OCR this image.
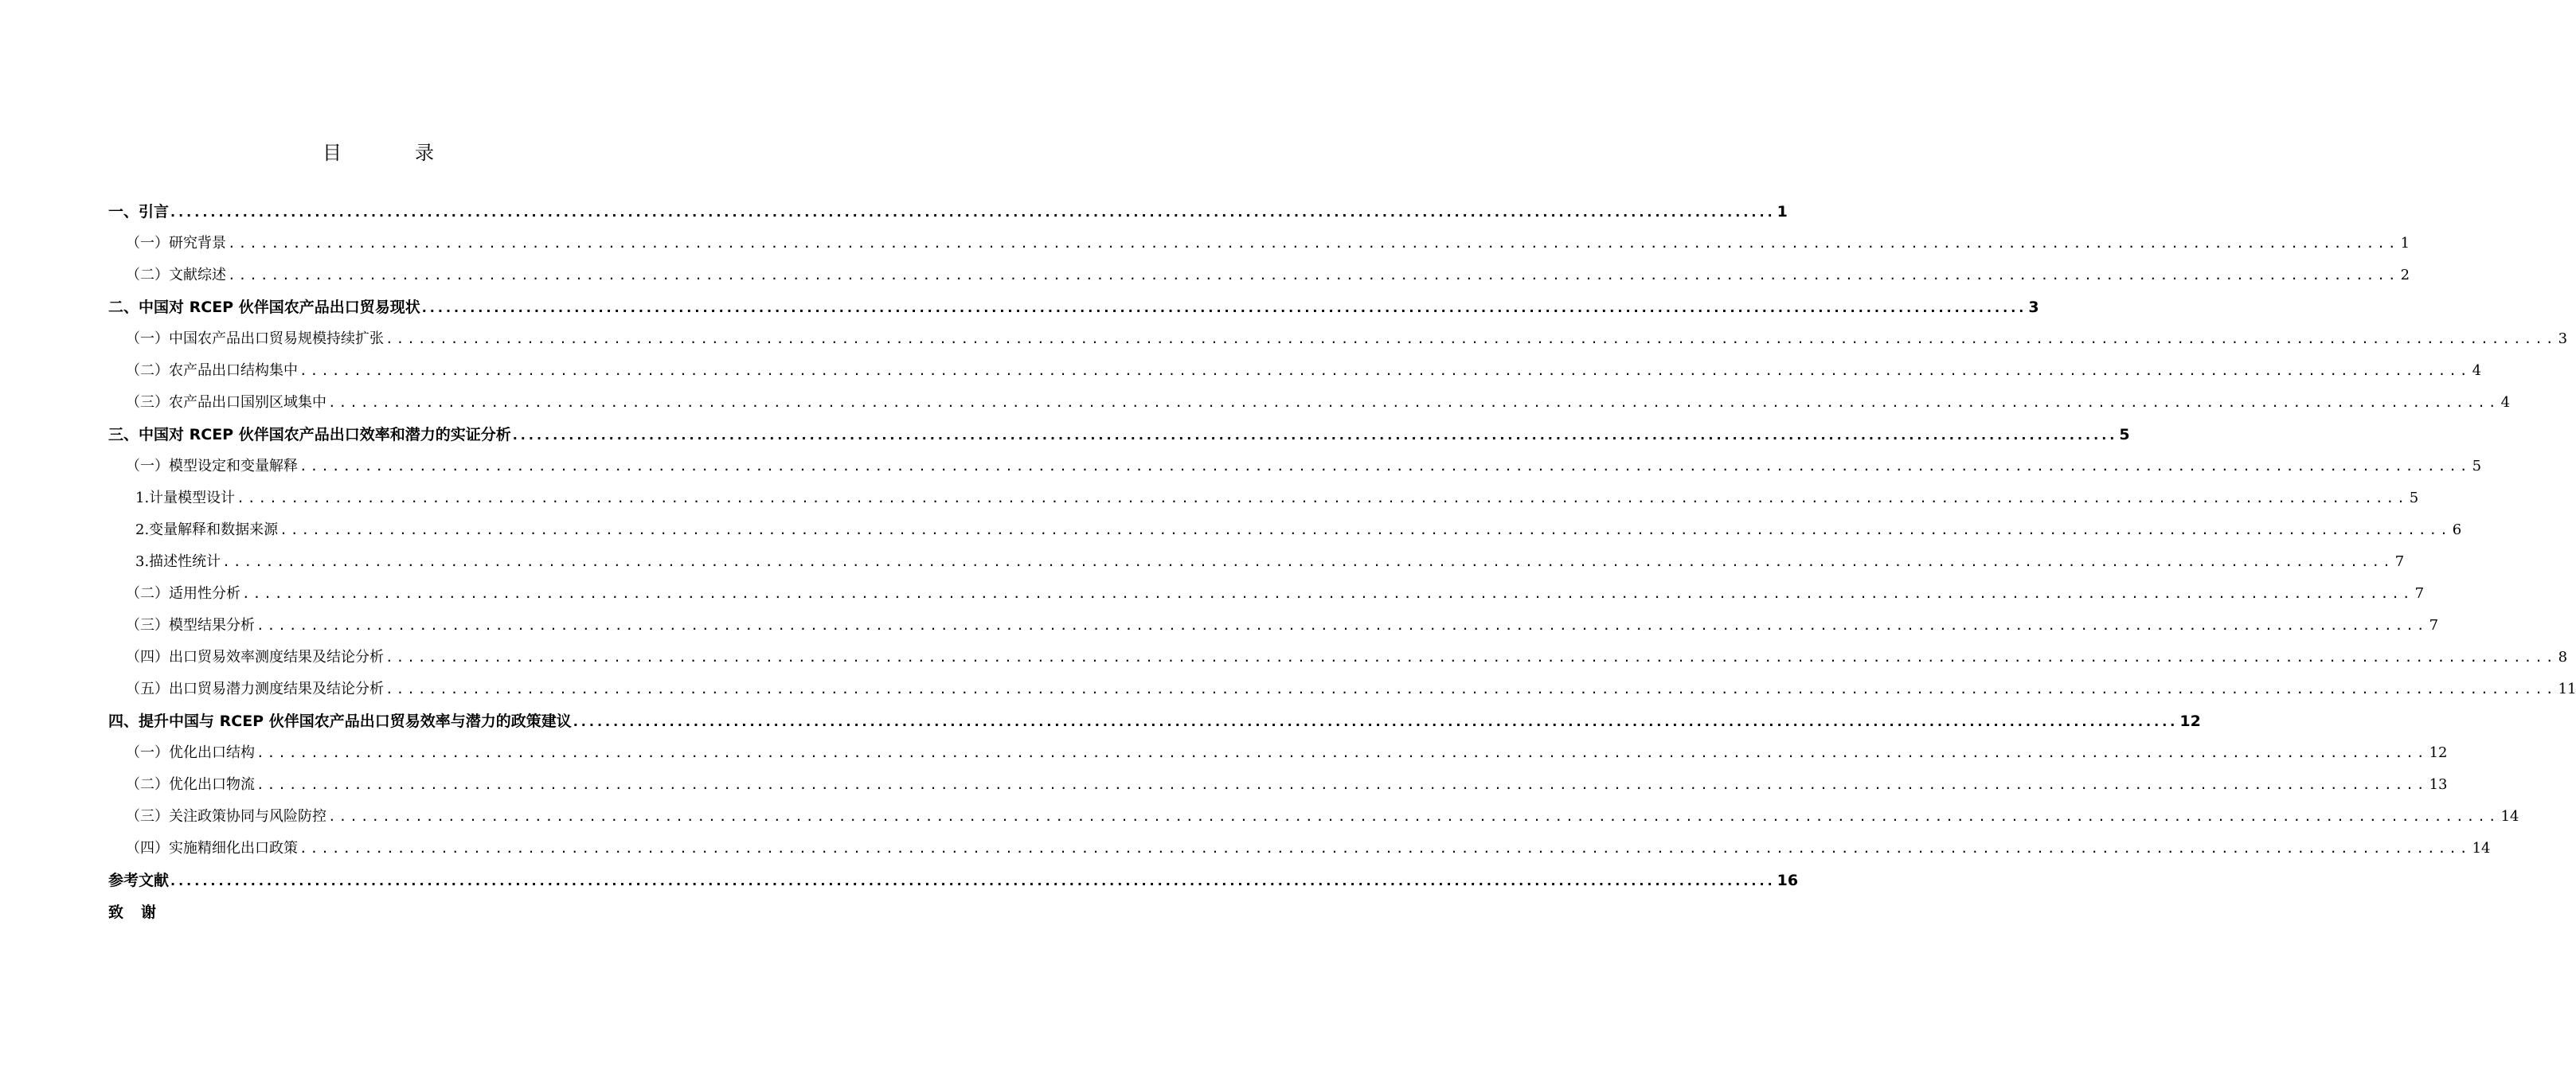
目	录
一、引言 ........................................................................................................................................................................................................ 1
（一）研究背景 ........................................................................................................................................................................................................ 1
（二）文献综述 ........................................................................................................................................................................................................ 2
二、中国对 RCEP 伙伴国农产品出口贸易现状 ........................................................................................................................................................................................................ 3
（一）中国农产品出口贸易规模持续扩张 ........................................................................................................................................................................................................ 3
（二）农产品出口结构集中 ........................................................................................................................................................................................................ 4
（三）农产品出口国别区域集中 ........................................................................................................................................................................................................ 4
三、中国对 RCEP 伙伴国农产品出口效率和潜力的实证分析 ........................................................................................................................................................................................................ 5
（一）模型设定和变量解释 ........................................................................................................................................................................................................ 5
1.计量模型设计 ........................................................................................................................................................................................................ 5
2.变量解释和数据来源 ........................................................................................................................................................................................................ 6
3.描述性统计 ........................................................................................................................................................................................................ 7
（二）适用性分析 ........................................................................................................................................................................................................ 7
（三）模型结果分析 ........................................................................................................................................................................................................ 7
（四）出口贸易效率测度结果及结论分析 ........................................................................................................................................................................................................ 8
（五）出口贸易潜力测度结果及结论分析 ........................................................................................................................................................................................................ 11
四、提升中国与 RCEP 伙伴国农产品出口贸易效率与潜力的政策建议 ........................................................................................................................................................................................................ 12
（一）优化出口结构 ........................................................................................................................................................................................................ 12
（二）优化出口物流 ........................................................................................................................................................................................................ 13
（三）关注政策协同与风险防控 ........................................................................................................................................................................................................ 14
（四）实施精细化出口政策 ........................................................................................................................................................................................................ 14
参考文献 ........................................................................................................................................................................................................ 16
致 谢
